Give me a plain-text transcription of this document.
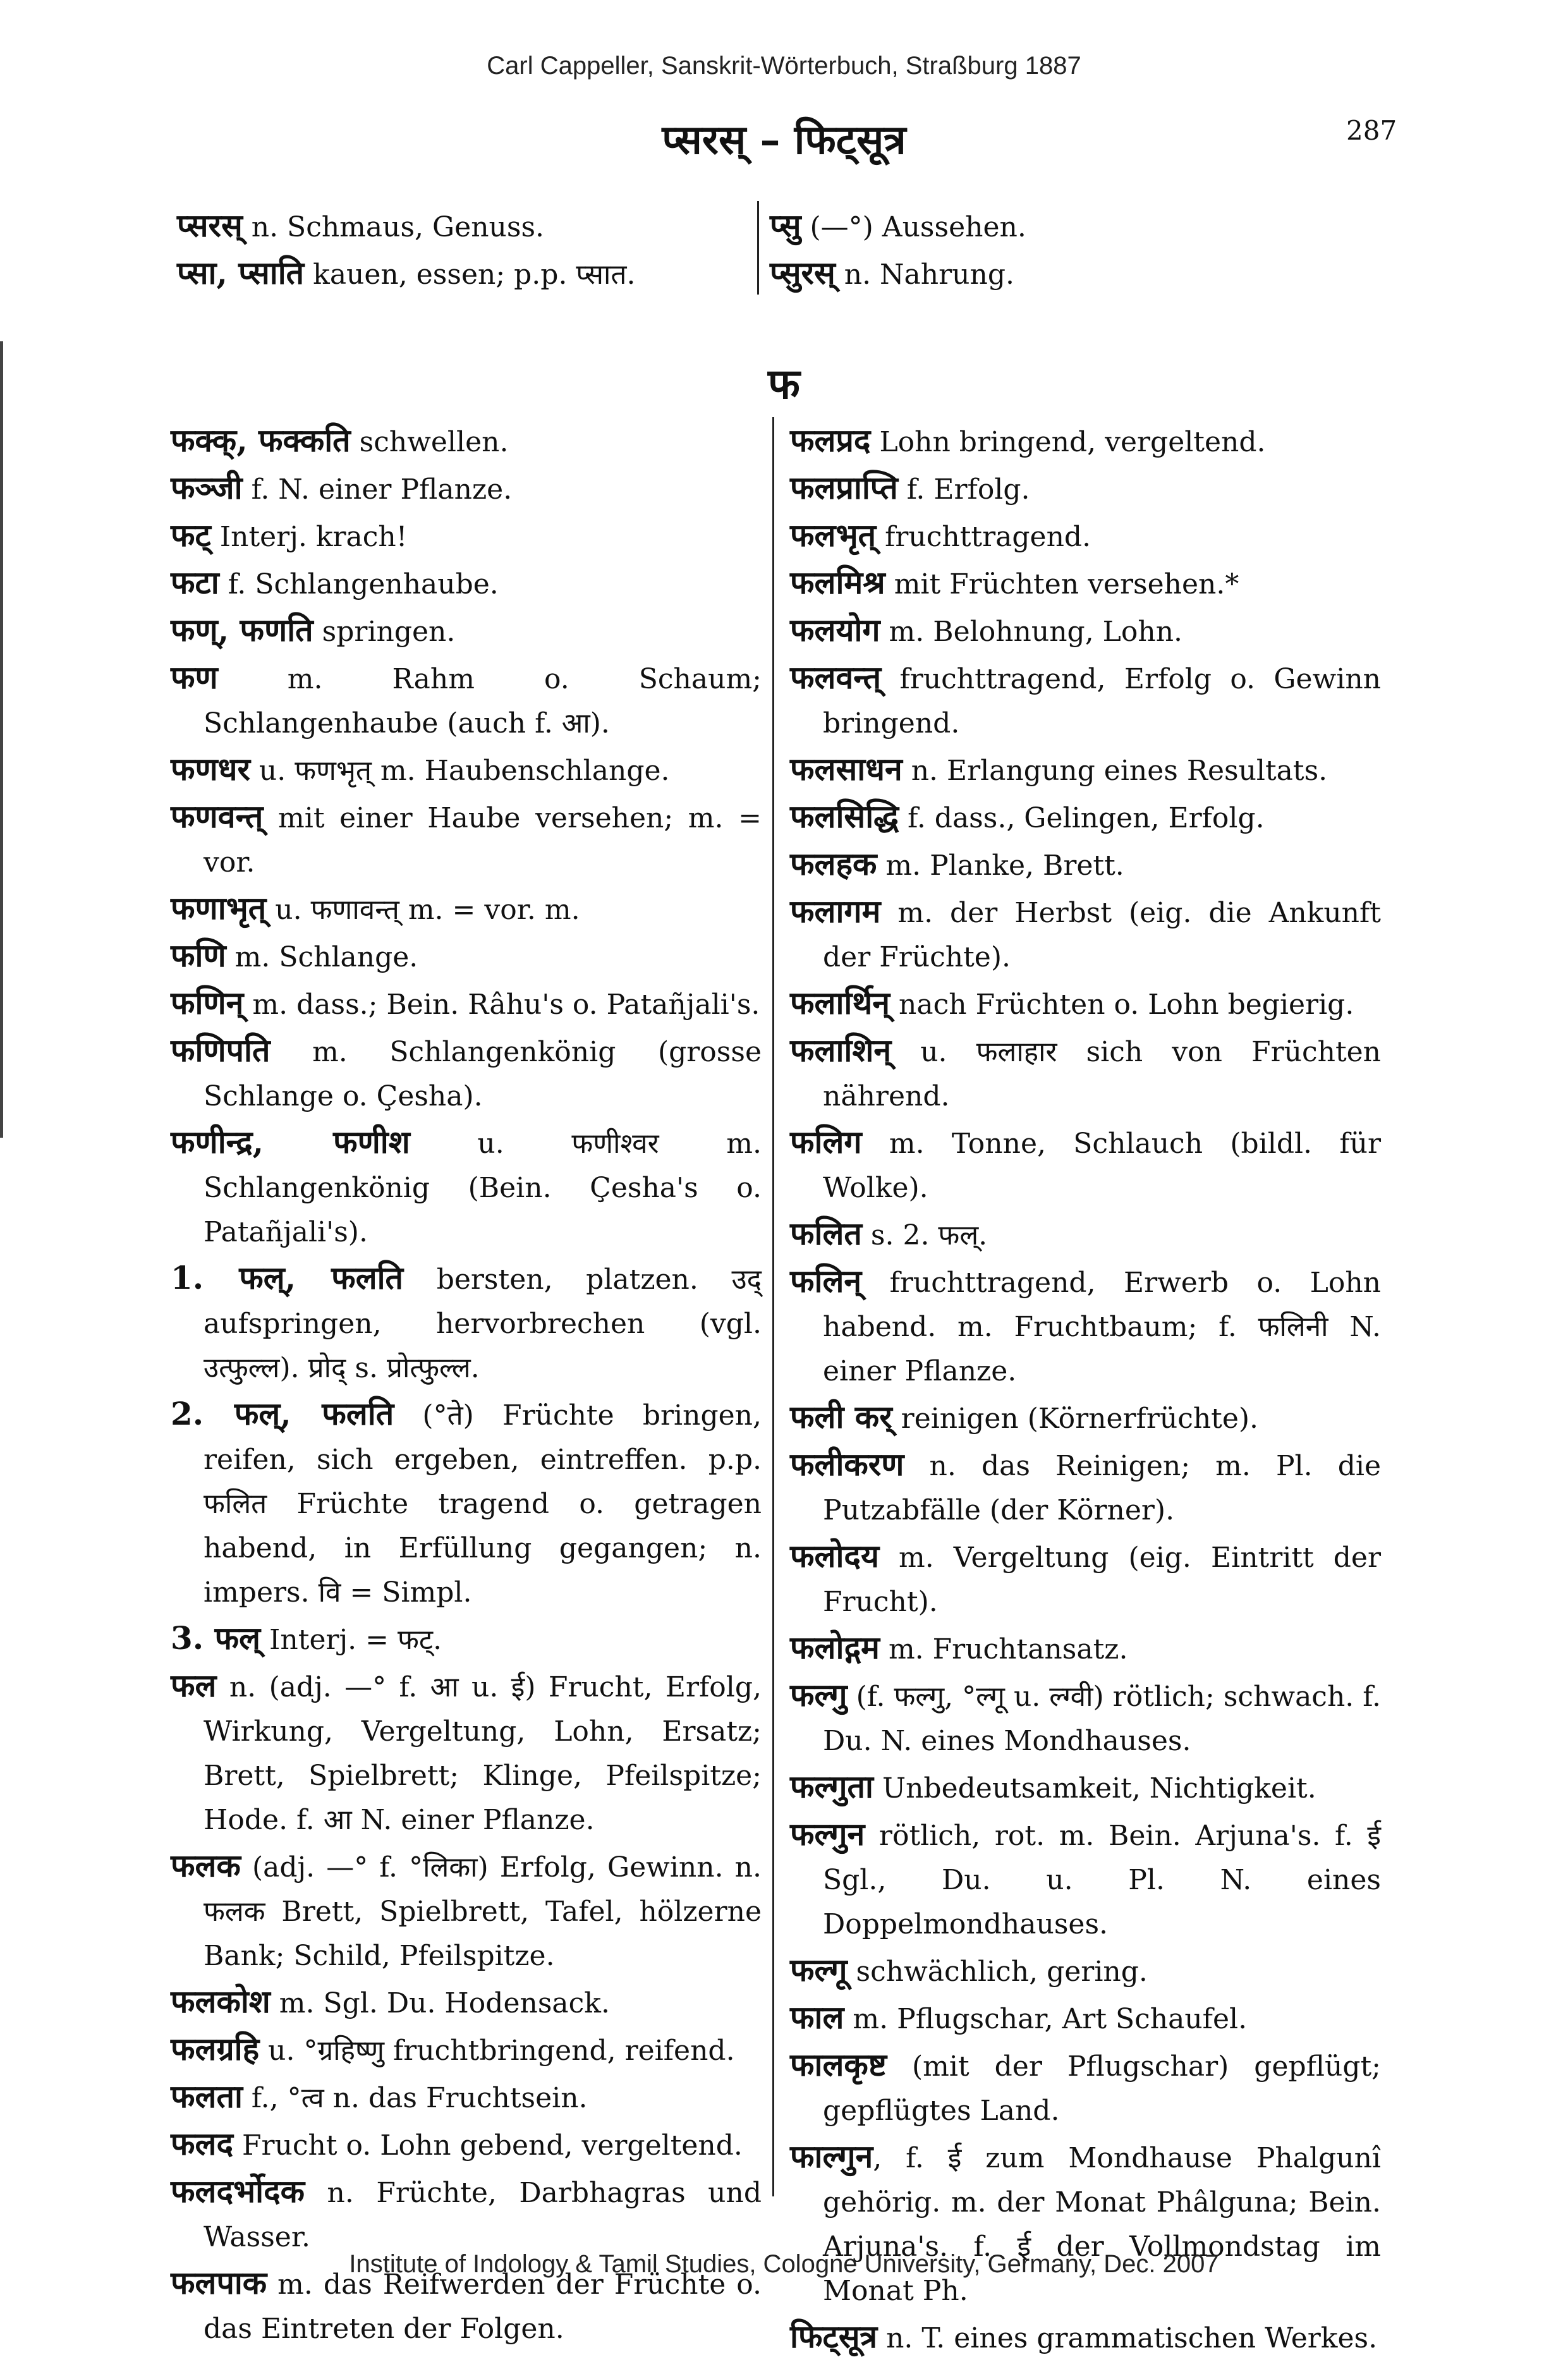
Carl Cappeller, Sanskrit-Wörterbuch, Straßburg 1887
प्सरस् – फिट्सूत्र	287

प्सरस् n. Schmaus, Genuss.

प्सा, प्साति kauen, essen; p.p. प्सात.

प्सु (—°) Aussehen.

प्सुरस् n. Nahrung.

फ

फक्क्, फक्कति schwellen.

फञ्जी f. N. einer Pflanze.

फट् Interj. krach!

फटा f. Schlangenhaube.

फण्, फणति springen.

फण m. Rahm o. Schaum; Schlangenhaube (auch f. आ).

फणधर u. फणभृत् m. Haubenschlange.

फणवन्त् mit einer Haube versehen; m. = vor.

फणाभृत् u. फणावन्त् m. = vor. m.

फणि m. Schlange.

फणिन् m. dass.; Bein. Râhu's o. Patañjali's.

फणिपति m. Schlangenkönig (grosse Schlange o. Çesha).

फणीन्द्र, फणीश u. फणीश्वर m. Schlangenkönig (Bein. Çesha's o. Patañjali's).

1. फल्, फलति bersten, platzen. उद् aufspringen, hervorbrechen (vgl. उत्फुल्ल). प्रोद् s. प्रोत्फुल्ल.

2. फल्, फलति (°ते) Früchte bringen, reifen, sich ergeben, eintreffen. p.p. फलित Früchte tragend o. getragen habend, in Erfüllung gegangen; n. impers. वि = Simpl.

3. फल् Interj. = फट्.

फल n. (adj. —° f. आ u. ई) Frucht, Erfolg, Wirkung, Vergeltung, Lohn, Ersatz; Brett, Spielbrett; Klinge, Pfeilspitze; Hode. f. आ N. einer Pflanze.

फलक (adj. —° f. °लिका) Erfolg, Gewinn. n. फलक Brett, Spielbrett, Tafel, hölzerne Bank; Schild, Pfeilspitze.

फलकोश m. Sgl. Du. Hodensack.

फलग्रहि u. °ग्रहिष्णु fruchtbringend, reifend.

फलता f., °त्व n. das Fruchtsein.

फलद Frucht o. Lohn gebend, vergeltend.

फलदर्भोदक n. Früchte, Darbhagras und Wasser.

फलपाक m. das Reifwerden der Früchte o. das Eintreten der Folgen.

फलप्रद Lohn bringend, vergeltend.

फलप्राप्ति f. Erfolg.

फलभृत् fruchttragend.

फलमिश्र mit Früchten versehen.*

फलयोग m. Belohnung, Lohn.

फलवन्त् fruchttragend, Erfolg o. Gewinn bringend.

फलसाधन n. Erlangung eines Resultats.

फलसिद्धि f. dass., Gelingen, Erfolg.

फलहक m. Planke, Brett.

फलागम m. der Herbst (eig. die Ankunft der Früchte).

फलार्थिन् nach Früchten o. Lohn begierig.

फलाशिन् u. फलाहार sich von Früchten nährend.

फलिग m. Tonne, Schlauch (bildl. für Wolke).

फलित s. 2. फल्.

फलिन् fruchttragend, Erwerb o. Lohn habend. m. Fruchtbaum; f. फलिनी N. einer Pflanze.

फली कर् reinigen (Körnerfrüchte).

फलीकरण n. das Reinigen; m. Pl. die Putzabfälle (der Körner).

फलोदय m. Vergeltung (eig. Eintritt der Frucht).

फलोद्गम m. Fruchtansatz.

फल्गु (f. फल्गु, °ल्गू u. ल्ग्वी) rötlich; schwach. f. Du. N. eines Mondhauses.

फल्गुता Unbedeutsamkeit, Nichtigkeit.

फल्गुन rötlich, rot. m. Bein. Arjuna's. f. ई Sgl., Du. u. Pl. N. eines Doppelmondhauses.

फल्गू schwächlich, gering.

फाल m. Pflugschar, Art Schaufel.

फालकृष्ट (mit der Pflugschar) gepflügt; gepflügtes Land.

फाल्गुन, f. ई zum Mondhause Phalgunî gehörig. m. der Monat Phâlguna; Bein. Arjuna's. f. ई der Vollmondstag im Monat Ph.

फिट्सूत्र n. T. eines grammatischen Werkes.

Institute of Indology & Tamil Studies, Cologne University, Germany, Dec. 2007
